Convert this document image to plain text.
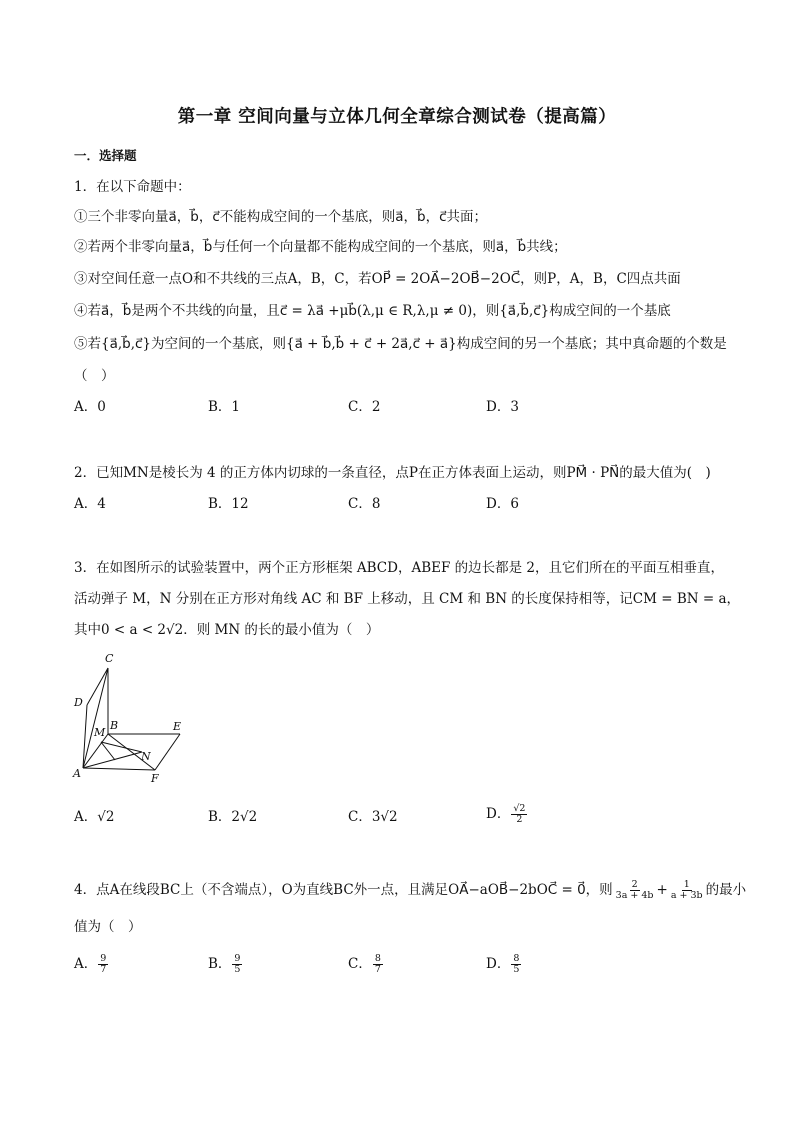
第一章 空间向量与立体几何全章综合测试卷（提高篇）
一．选择题
1．在以下命题中：
①三个非零向量a⃗，b⃗，c⃗不能构成空间的一个基底，则a⃗，b⃗，c⃗共面；
②若两个非零向量a⃗，b⃗与任何一个向量都不能构成空间的一个基底，则a⃗，b⃗共线；
③对空间任意一点O和不共线的三点A，B，C，若OP⃗ = 2OA⃗−2OB⃗−2OC⃗，则P，A，B，C四点共面
④若a⃗，b⃗是两个不共线的向量，且c⃗ = λa⃗ +μb⃗(λ,μ ∈ R,λ,μ ≠ 0)，则{a⃗,b⃗,c⃗}构成空间的一个基底
⑤若{a⃗,b⃗,c⃗}为空间的一个基底，则{a⃗ + b⃗,b⃗ + c⃗ + 2a⃗,c⃗ + a⃗}构成空间的另一个基底；其中真命题的个数是
（　）
A．0	B．1	C．2	D．3
2．已知MN是棱长为 4 的正方体内切球的一条直径，点P在正方体表面上运动，则PM⃗ · PN⃗的最大值为(　)
A．4	B．12	C．8	D．6
3．在如图所示的试验装置中，两个正方形框架 ABCD，ABEF 的边长都是 2，且它们所在的平面互相垂直，
活动弹子 M，N 分别在正方形对角线 AC 和 BF 上移动，且 CM 和 BN 的长度保持相等，记CM = BN = a，
其中0 < a < 2√2．则 MN 的长的最小值为（　）
C
D
B	E
M
N
A	F
A．√2	B．2√2	C．3√2	D． $\frac{√2}{2}$
4．点A在线段BC上（不含端点），O为直线BC外一点，且满足OA⃗−aOB⃗−2bOC⃗ = 0⃗，则 $\frac{2}{3a + 4b} + \frac{1}{a + 3b}$ 的最小
值为（　）
A． $\frac{9}{7}$	B． $\frac{9}{5}$	C． $\frac{8}{7}$	D． $\frac{8}{5}$
